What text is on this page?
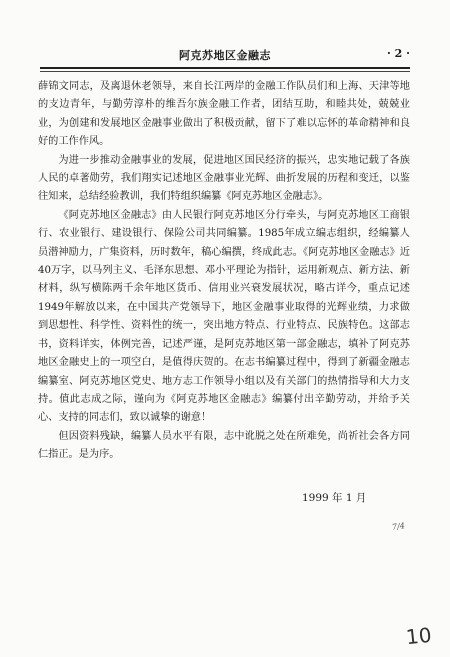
阿克苏地区金融志	· 2 ·

薛锦文同志，及离退休老领导，来自长江两岸的金融工作队员们和上海、天津等地的支边青年，与勤劳淳朴的维吾尔族金融工作者，团结互助，和睦共处，兢兢业业，为创建和发展地区金融事业做出了积极贡献，留下了难以忘怀的革命精神和良好的工作作风。

为进一步推动金融事业的发展，促进地区国民经济的振兴，忠实地记载了各族人民的卓著勋劳，我们翔实记述地区金融事业光辉、曲折发展的历程和变迁，以鉴往知来，总结经验教训，我们特组织编纂《阿克苏地区金融志》。

《阿克苏地区金融志》由人民银行阿克苏地区分行牵头，与阿克苏地区工商银行、农业银行、建设银行、保险公司共同编纂。1985年成立编志组织，经编纂人员潜神励力，广集资料，历时数年，稿心编撰，终成此志。《阿克苏地区金融志》近40万字，以马列主义、毛泽东思想、邓小平理论为指针，运用新观点、新方法、新材料，纵写横陈两千余年地区货币、信用业兴衰发展状况，略古详今，重点记述1949年解放以来，在中国共产党领导下，地区金融事业取得的光辉业绩，力求做到思想性、科学性、资料性的统一，突出地方特点、行业特点、民族特色。这部志书，资料详实，体例完善，记述严谨，是阿克苏地区第一部金融志，填补了阿克苏地区金融史上的一项空白，是值得庆贺的。在志书编纂过程中，得到了新疆金融志编纂室、阿克苏地区党史、地方志工作领导小组以及有关部门的热情指导和大力支持。值此志成之际，谨向为《阿克苏地区金融志》编纂付出辛勤劳动，并给予关心、支持的同志们，致以诚挚的谢意！

但因资料残缺，编纂人员水平有限，志中讹脱之处在所难免，尚祈社会各方同仁指正。是为序。

1999 年 1 月
7/4
10
